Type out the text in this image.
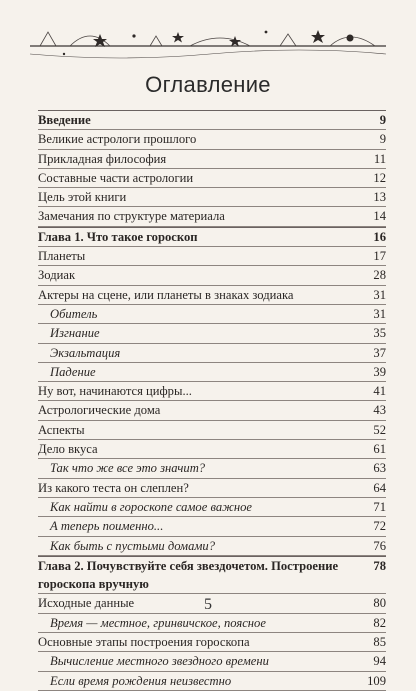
Оглавление
Введение	9
Великие астрологи прошлого	9
Прикладная философия	11
Составные части астрологии	12
Цель этой книги	13
Замечания по структуре материала	14
Глава 1. Что такое гороскоп	16
Планеты	17
Зодиак	28
Актеры на сцене, или планеты в знаках зодиака	31
Обитель	31
Изгнание	35
Экзальтация	37
Падение	39
Ну вот, начинаются цифры...	41
Астрологические дома	43
Аспекты	52
Дело вкуса	61
Так что же все это значит?	63
Из какого теста он слеплен?	64
Как найти в гороскопе самое важное	71
А теперь поименно...	72
Как быть с пустыми домами?	76
Глава 2. Почувствуйте себя звездочетом. Построение гороскопа вручную
78
Исходные данные	80
Время — местное, гринвичское, поясное	82
Основные этапы построения гороскопа	85
Вычисление местного звездного времени	94
Если время рождения неизвестно	109
5
